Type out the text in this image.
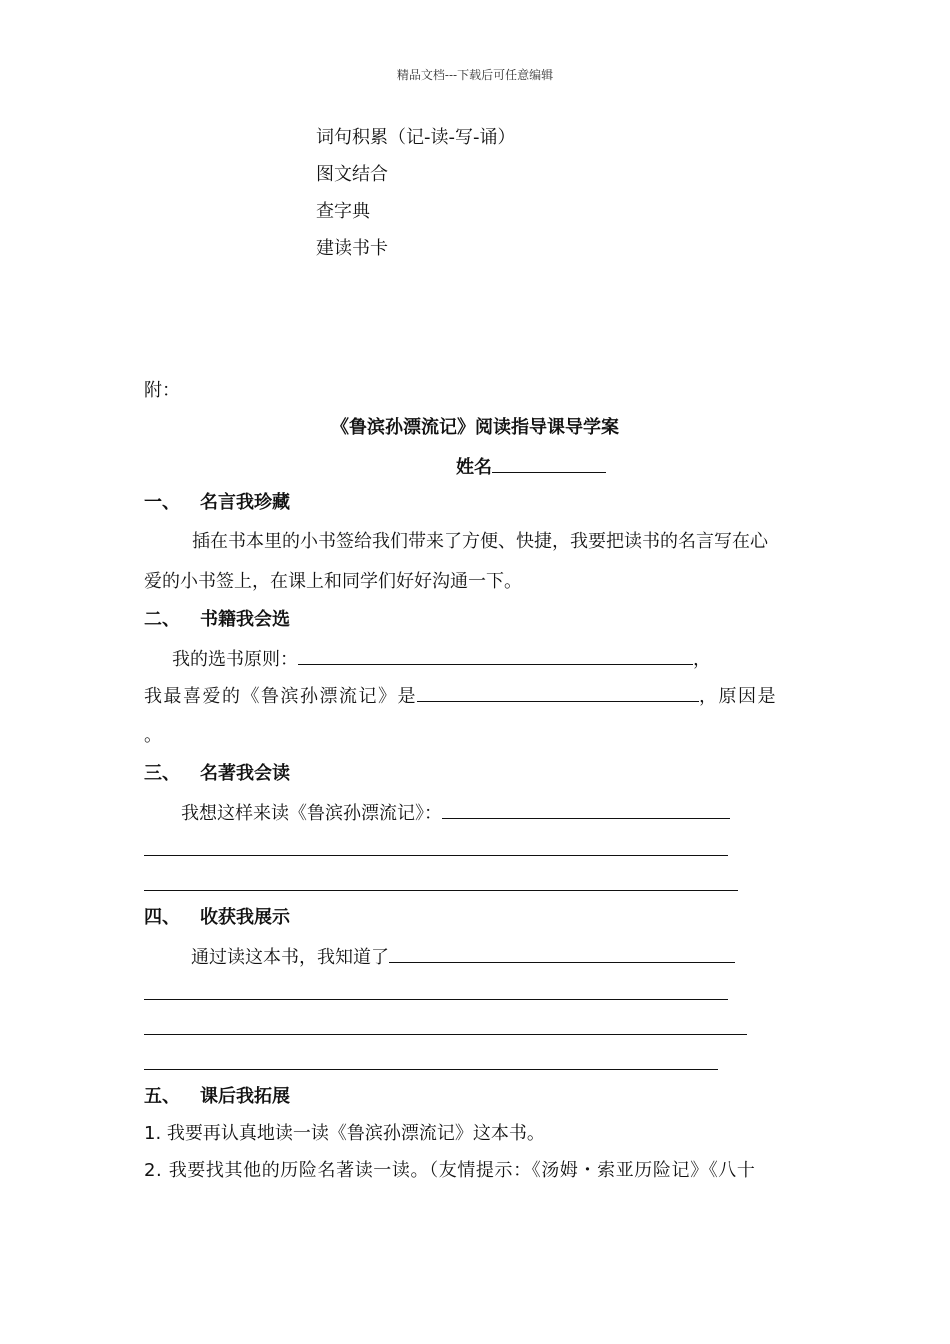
精品文档---下载后可任意编辑
词句积累（记-读-写-诵）
图文结合
查字典
建读书卡
附：
《鲁滨孙漂流记》阅读指导课导学案
姓名
一、 名言我珍藏
插在书本里的小书签给我们带来了方便、快捷，我要把读书的名言写在心
爱的小书签上，在课上和同学们好好沟通一下。
二、 书籍我会选
我的选书原则：	，
我最喜爱的《鲁滨孙漂流记》是	，原因是
。
三、 名著我会读
我想这样来读《鲁滨孙漂流记》：
四、 收获我展示
通过读这本书，我知道了
五、 课后我拓展
1. 我要再认真地读一读《鲁滨孙漂流记》这本书。
2. 我要找其他的历险名著读一读。（友情提示：《汤姆・索亚历险记》《八十
